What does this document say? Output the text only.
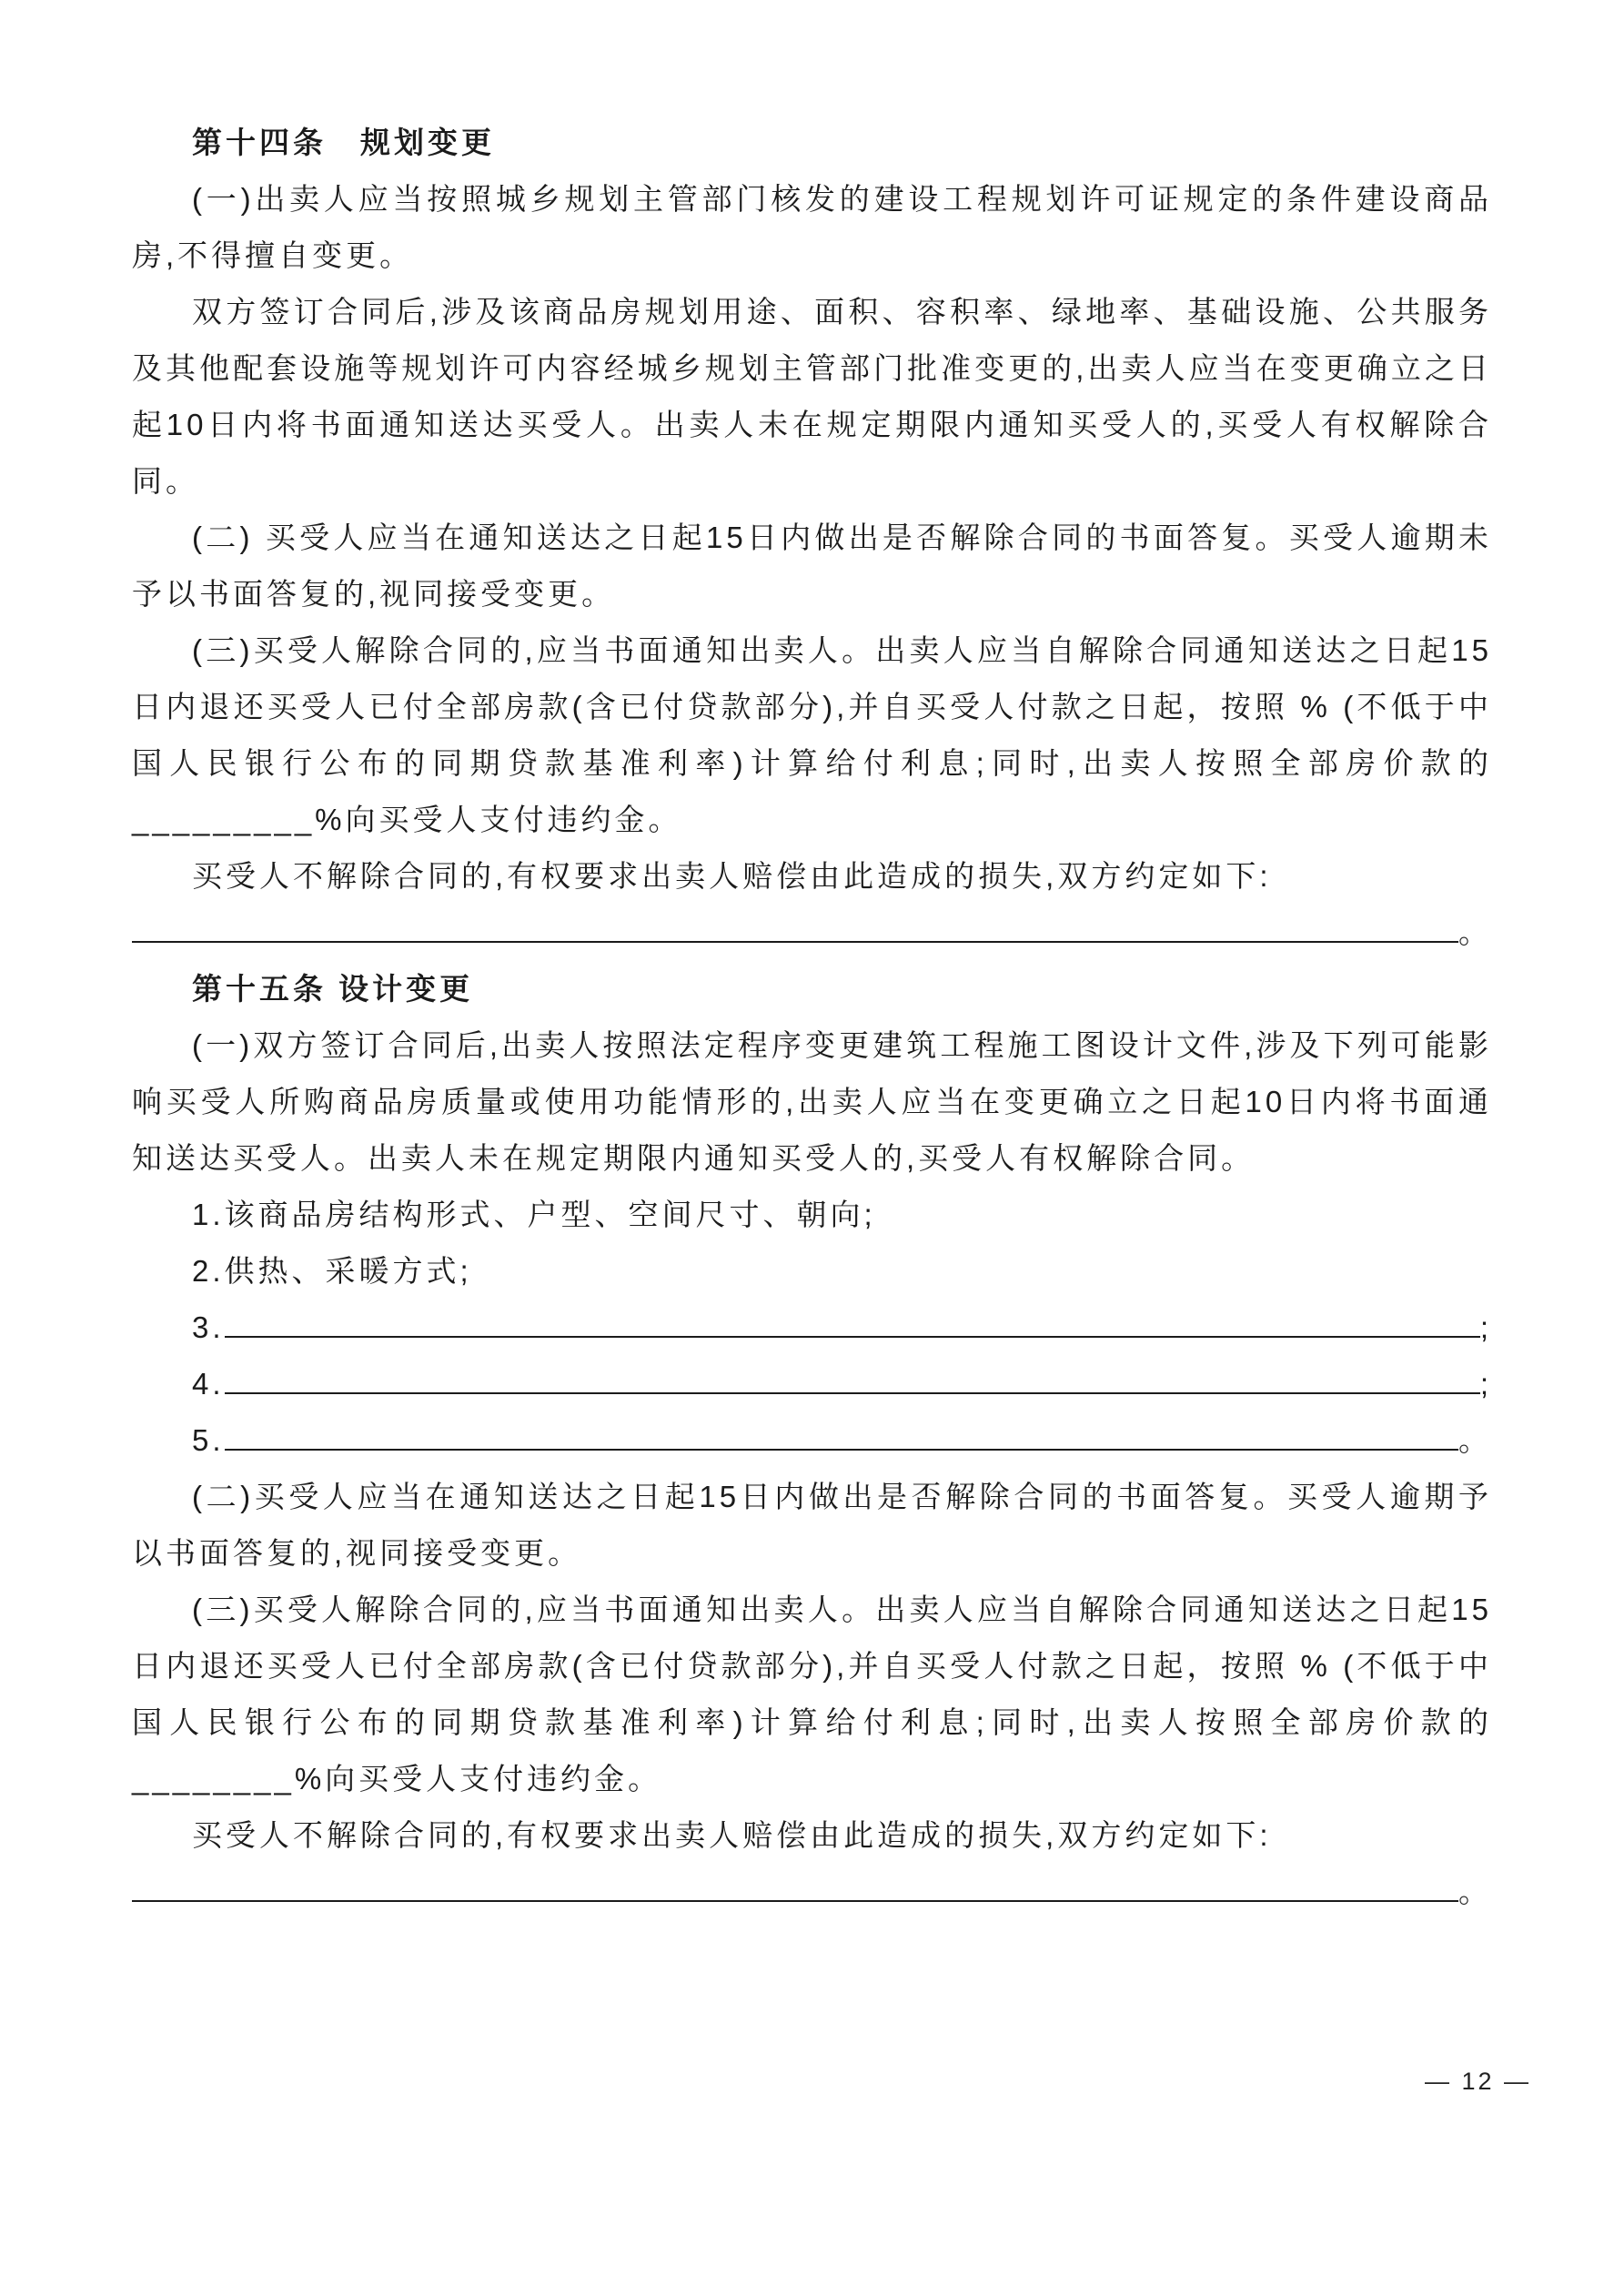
第十四条　规划变更

(一)出卖人应当按照城乡规划主管部门核发的建设工程规划许可证规定的条件建设商品房,不得擅自变更。

双方签订合同后,涉及该商品房规划用途、面积、容积率、绿地率、基础设施、公共服务及其他配套设施等规划许可内容经城乡规划主管部门批准变更的,出卖人应当在变更确立之日起10日内将书面通知送达买受人。出卖人未在规定期限内通知买受人的,买受人有权解除合同。

(二) 买受人应当在通知送达之日起15日内做出是否解除合同的书面答复。买受人逾期未予以书面答复的,视同接受变更。

(三)买受人解除合同的,应当书面通知出卖人。出卖人应当自解除合同通知送达之日起15日内退还买受人已付全部房款(含已付贷款部分),并自买受人付款之日起，按照 % (不低于中国人民银行公布的同期贷款基准利率)计算给付利息;同时,出卖人按照全部房价款的_________%向买受人支付违约金。

买受人不解除合同的,有权要求出卖人赔偿由此造成的损失,双方约定如下:

。

第十五条 设计变更

(一)双方签订合同后,出卖人按照法定程序变更建筑工程施工图设计文件,涉及下列可能影响买受人所购商品房质量或使用功能情形的,出卖人应当在变更确立之日起10日内将书面通知送达买受人。出卖人未在规定期限内通知买受人的,买受人有权解除合同。

1.该商品房结构形式、户型、空间尺寸、朝向;

2.供热、采暖方式;

3.	;

4.	;

5.	。

(二)买受人应当在通知送达之日起15日内做出是否解除合同的书面答复。买受人逾期予以书面答复的,视同接受变更。

(三)买受人解除合同的,应当书面通知出卖人。出卖人应当自解除合同通知送达之日起15日内退还买受人已付全部房款(含已付贷款部分),并自买受人付款之日起，按照 % (不低于中国人民银行公布的同期贷款基准利率)计算给付利息;同时,出卖人按照全部房价款的________%向买受人支付违约金。

买受人不解除合同的,有权要求出卖人赔偿由此造成的损失,双方约定如下:

。

— 12 —
